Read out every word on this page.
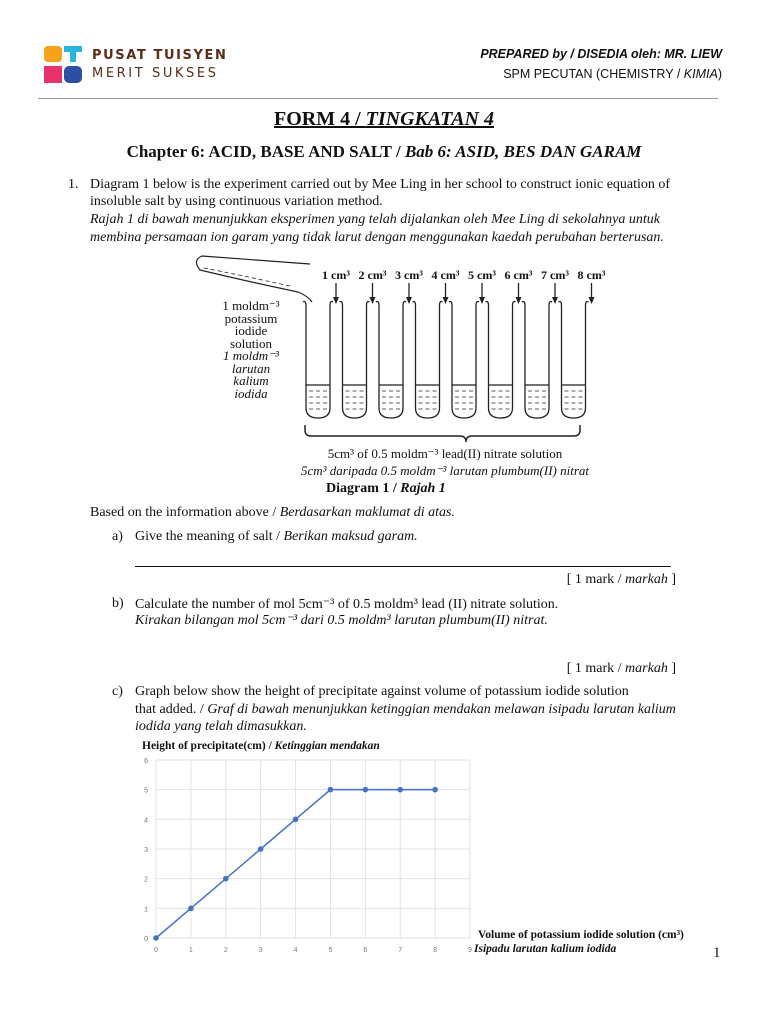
PUSAT TUISYEN
MERIT SUKSES
PREPARED by / DISEDIA oleh: MR. LIEW
SPM PECUTAN (CHEMISTRY / KIMIA)
FORM 4 / TINGKATAN 4
Chapter 6: ACID, BASE AND SALT / Bab 6: ASID, BES DAN GARAM
1. Diagram 1 below is the experiment carried out by Mee Ling in her school to construct ionic equation of
insoluble salt by using continuous variation method.
Rajah 1 di bawah menunjukkan eksperimen yang telah dijalankan oleh Mee Ling di sekolahnya untuk
membina persamaan ion garam yang tidak larut dengan menggunakan kaedah perubahan berterusan.
1 moldm⁻³
potassium
iodide
solution
1 moldm⁻³
larutan
kalium
iodida
1 cm³ 2 cm³ 3 cm³ 4 cm³ 5 cm³ 6 cm³ 7 cm³ 8 cm³
5cm³ of 0.5 moldm⁻³ lead(II) nitrate solution
5cm³ daripada 0.5 moldm⁻³ larutan plumbum(II) nitrat
Diagram 1 / Rajah 1
Based on the information above / Berdasarkan maklumat di atas.
a) Give the meaning of salt / Berikan maksud garam.
[ 1 mark / markah ]
b) Calculate the number of mol 5cm⁻³ of 0.5 moldm³ lead (II) nitrate solution.
Kirakan bilangan mol 5cm⁻³ dari 0.5 moldm³ larutan plumbum(II) nitrat.
[ 1 mark / markah ]
c) Graph below show the height of precipitate against volume of potassium iodide solution
that added. / Graf di bawah menunjukkan ketinggian mendakan melawan isipadu larutan kalium
iodida yang telah dimasukkan.
Height of precipitate(cm) / Ketinggian mendakan
0	1	2	3	4	5	6	7	8	9
0
1
2
3
4
5
6
Volume of potassium iodide solution (cm³)
Isipadu larutan kalium iodida	1
